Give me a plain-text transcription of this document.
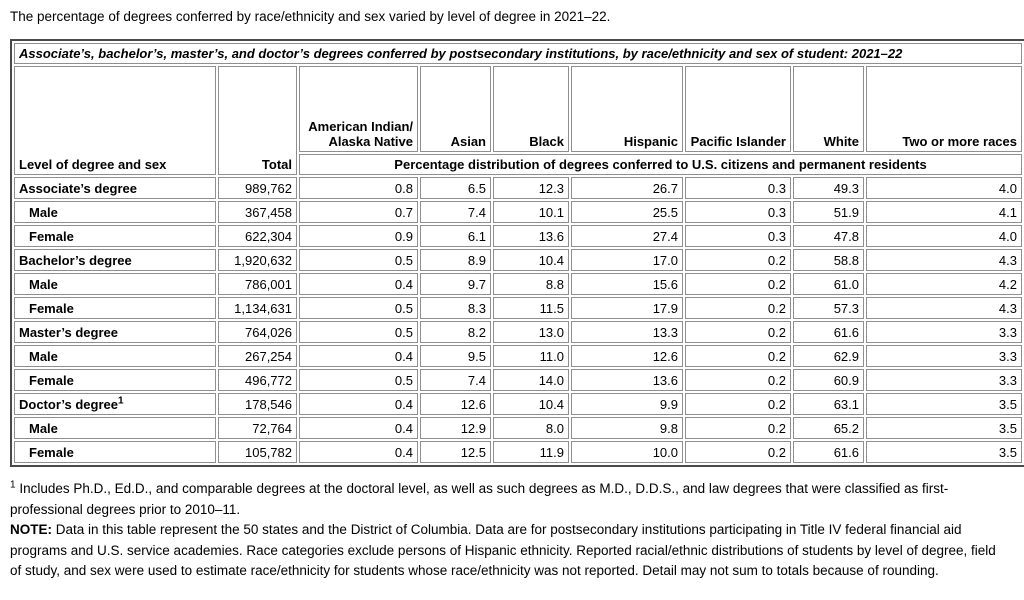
The percentage of degrees conferred by race/ethnicity and sex varied by level of degree in 2021–22.

Associate’s, bachelor’s, master’s, and doctor’s degrees conferred by postsecondary institutions, by race/ethnicity and sex of student: 2021–22								
Level of degree and sex	Total	American Indian/ Alaska Native	Asian	Black	Hispanic	Pacific Islander	White	Two or more races
		Percentage distribution of degrees conferred to U.S. citizens and permanent residents						
Associate’s degree	989,762	0.8	6.5	12.3	26.7	0.3	49.3	4.0
Male	367,458	0.7	7.4	10.1	25.5	0.3	51.9	4.1
Female	622,304	0.9	6.1	13.6	27.4	0.3	47.8	4.0
Bachelor’s degree	1,920,632	0.5	8.9	10.4	17.0	0.2	58.8	4.3
Male	786,001	0.4	9.7	8.8	15.6	0.2	61.0	4.2
Female	1,134,631	0.5	8.3	11.5	17.9	0.2	57.3	4.3
Master’s degree	764,026	0.5	8.2	13.0	13.3	0.2	61.6	3.3
Male	267,254	0.4	9.5	11.0	12.6	0.2	62.9	3.3
Female	496,772	0.5	7.4	14.0	13.6	0.2	60.9	3.3
Doctor’s degree$^1$	178,546	0.4	12.6	10.4	9.9	0.2	63.1	3.5
Male	72,764	0.4	12.9	8.0	9.8	0.2	65.2	3.5
Female	105,782	0.4	12.5	11.9	10.0	0.2	61.6	3.5

$^1$ Includes Ph.D., Ed.D., and comparable degrees at the doctoral level, as well as such degrees as M.D., D.D.S., and law degrees that were classified as first-professional degrees prior to 2010–11.

NOTE: Data in this table represent the 50 states and the District of Columbia. Data are for postsecondary institutions participating in Title IV federal financial aid programs and U.S. service academies. Race categories exclude persons of Hispanic ethnicity. Reported racial/ethnic distributions of students by level of degree, field of study, and sex were used to estimate race/ethnicity for students whose race/ethnicity was not reported. Detail may not sum to totals because of rounding.
